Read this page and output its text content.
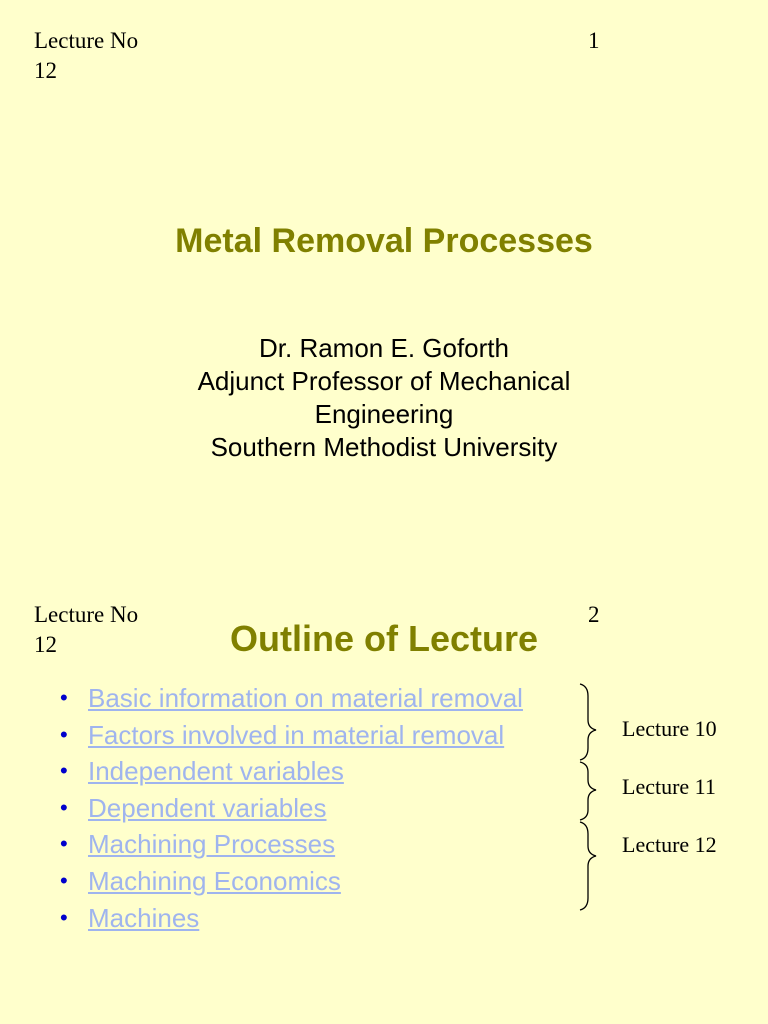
Lecture No 12
1
Metal Removal Processes
Dr. Ramon E. Goforth
Adjunct Professor of Mechanical
Engineering
Southern Methodist University
Lecture No 12
2
Outline of Lecture
• Basic information on material removal
• Factors involved in material removal
• Independent variables
• Dependent variables
• Machining Processes
• Machining Economics
• Machines
Lecture 10
Lecture 11
Lecture 12
